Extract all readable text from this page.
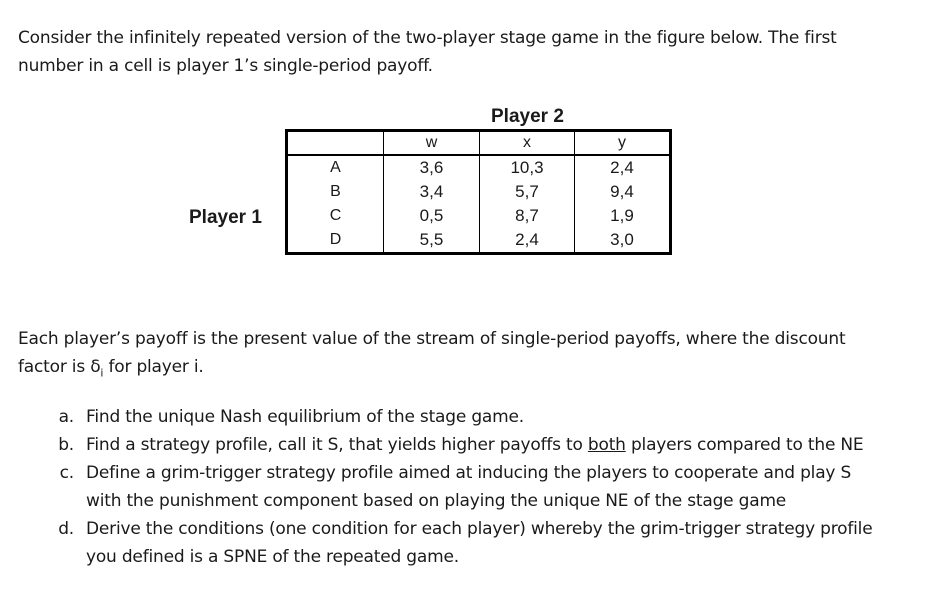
Consider the infinitely repeated version of the two-player stage game in the figure below. The first
number in a cell is player 1’s single-period payoff.
Player 2
Player 1
	w	x	y
A	3,6	10,3	2,4
B	3,4	5,7	9,4
C	0,5	8,7	1,9
D	5,5	2,4	3,0
Each player’s payoff is the present value of the stream of single-period payoffs, where the discount
factor is $\delta_i$ for player i.
a. Find the unique Nash equilibrium of the stage game.
b. Find a strategy profile, call it S, that yields higher payoffs to both players compared to the NE
c. Define a grim-trigger strategy profile aimed at inducing the players to cooperate and play S
with the punishment component based on playing the unique NE of the stage game
d. Derive the conditions (one condition for each player) whereby the grim-trigger strategy profile
you defined is a SPNE of the repeated game.
